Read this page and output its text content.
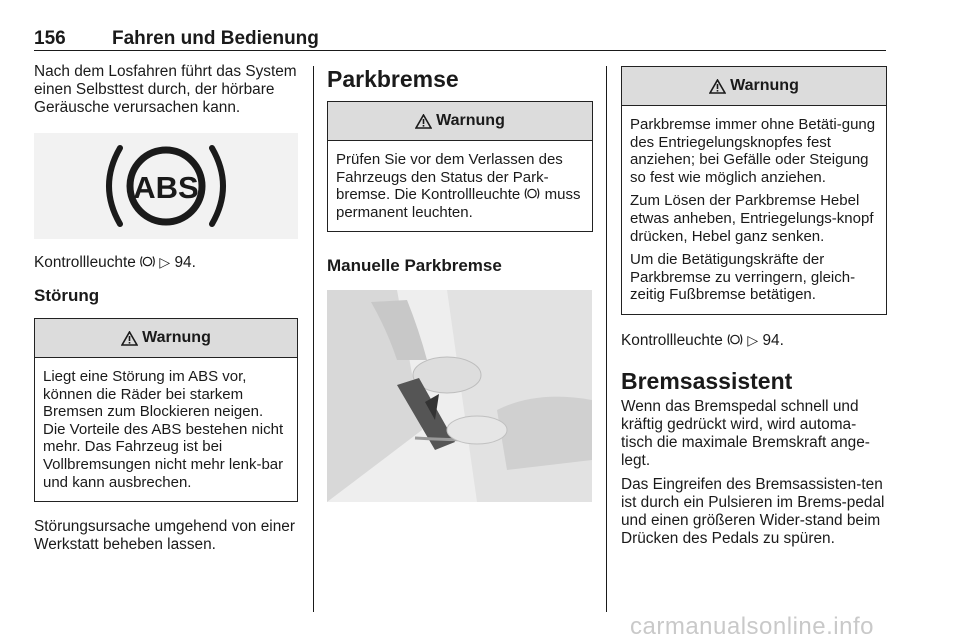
156 Fahren und Bedienung

Nach dem Losfahren führt das System einen Selbsttest durch, der hörbare Geräusche verursachen kann.

ABS

Kontrollleuchte ▷ 94.

Störung
Warnung

Liegt eine Störung im ABS vor, können die Räder bei starkem Bremsen zum Blockieren neigen. Die Vorteile des ABS bestehen nicht mehr. Das Fahrzeug ist bei Vollbremsungen nicht mehr lenk-bar und kann ausbrechen.

Störungsursache umgehend von einer Werkstatt beheben lassen.

Parkbremse
Warnung

Prüfen Sie vor dem Verlassen des Fahrzeugs den Status der Park-bremse. Die Kontrollleuchte muss permanent leuchten.

Manuelle Parkbremse
Warnung

Parkbremse immer ohne Betäti-gung des Entriegelungsknopfes fest anziehen; bei Gefälle oder Steigung so fest wie möglich anziehen.

Zum Lösen der Parkbremse Hebel etwas anheben, Entriegelungs-knopf drücken, Hebel ganz senken.

Um die Betätigungskräfte der Parkbremse zu verringern, gleich-zeitig Fußbremse betätigen.

Kontrollleuchte ▷ 94.

Bremsassistent

Wenn das Bremspedal schnell und kräftig gedrückt wird, wird automa-tisch die maximale Bremskraft ange-legt.

Das Eingreifen des Bremsassisten-ten ist durch ein Pulsieren im Brems-pedal und einen größeren Wider-stand beim Drücken des Pedals zu spüren.

carmanualsonline.info
